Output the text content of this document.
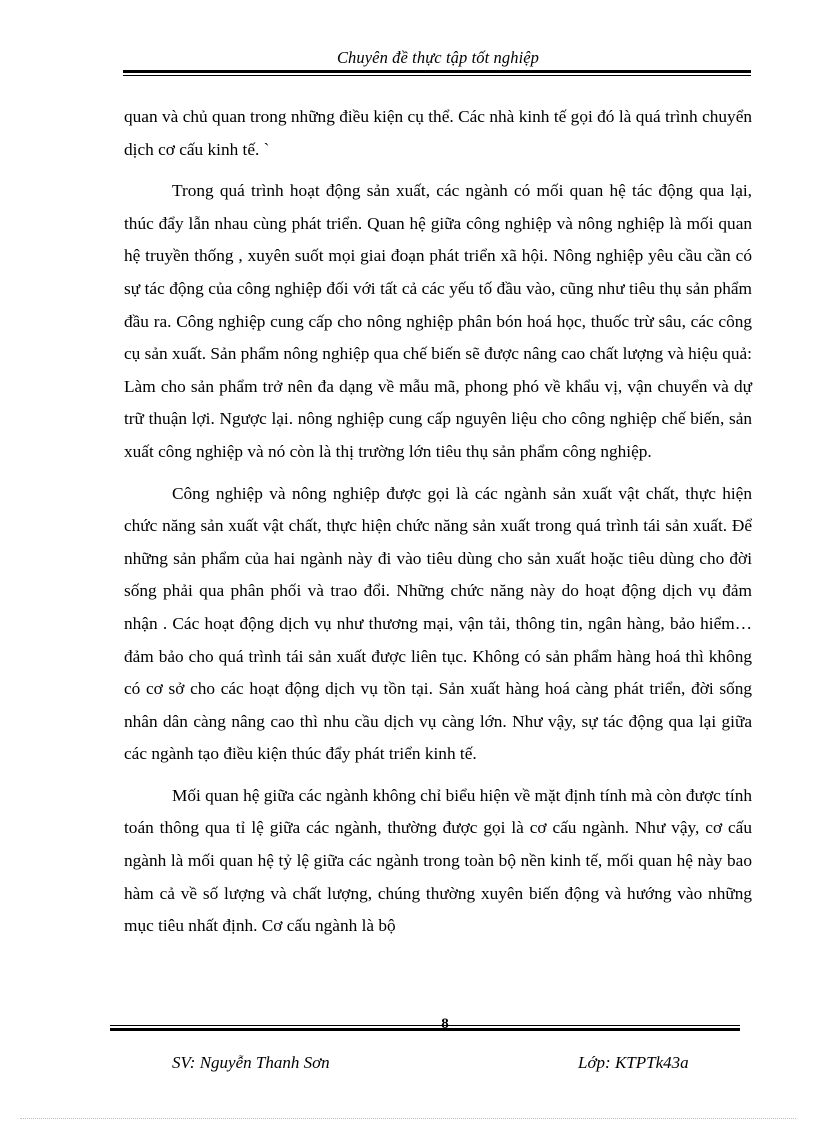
Chuyên đề thực tập tốt nghiệp

quan và chủ quan trong những điều kiện cụ thể. Các nhà kinh tế gọi đó là quá trình chuyển dịch cơ cấu kinh tế. `

Trong quá trình hoạt động sản xuất, các ngành có mối quan hệ tác động qua lại, thúc đẩy lẫn nhau cùng phát triển. Quan hệ giữa công nghiệp và nông nghiệp là mối quan hệ truyền thống , xuyên suốt mọi giai đoạn phát triển xã hội. Nông nghiệp yêu cầu cần có sự tác động của công nghiệp đối với tất cả các yếu tố đầu vào, cũng như tiêu thụ sản phẩm đầu ra. Công nghiệp cung cấp cho nông nghiệp phân bón hoá học, thuốc trừ sâu, các công cụ sản xuất. Sản phẩm nông nghiệp qua chế biến sẽ được nâng cao chất lượng và hiệu quả: Làm cho sản phẩm trở nên đa dạng về mẫu mã, phong phó về khẩu vị, vận chuyển và dự trữ thuận lợi. Ngược lại. nông nghiệp cung cấp nguyên liệu cho công nghiệp chế biến, sản xuất công nghiệp và nó còn là thị trường lớn tiêu thụ sản phẩm công nghiệp.

Công nghiệp và nông nghiệp được gọi là các ngành sản xuất vật chất, thực hiện chức năng sản xuất vật chất, thực hiện chức năng sản xuất trong quá trình tái sản xuất. Để những sản phẩm của hai ngành này đi vào tiêu dùng cho sản xuất hoặc tiêu dùng cho đời sống phải qua phân phối và trao đổi. Những chức năng này do hoạt động dịch vụ đảm nhận . Các hoạt động dịch vụ như thương mại, vận tải, thông tin, ngân hàng, bảo hiểm…đảm bảo cho quá trình tái sản xuất được liên tục. Không có sản phẩm hàng hoá thì không có cơ sở cho các hoạt động dịch vụ tồn tại. Sản xuất hàng hoá càng phát triển, đời sống nhân dân càng nâng cao thì nhu cầu dịch vụ càng lớn. Như vậy, sự tác động qua lại giữa các ngành tạo điều kiện thúc đẩy phát triển kinh tế.

Mối quan hệ giữa các ngành không chỉ biểu hiện về mặt định tính mà còn được tính toán thông qua tỉ lệ giữa các ngành, thường được gọi là cơ cấu ngành. Như vậy, cơ cấu ngành là mối quan hệ tỷ lệ giữa các ngành trong toàn bộ nền kinh tế, mối quan hệ này bao hàm cả về số lượng và chất lượng, chúng thường xuyên biến động và hướng vào những mục tiêu nhất định. Cơ cấu ngành là bộ

8
SV: Nguyễn Thanh Sơn	Lớp: KTPTk43a
